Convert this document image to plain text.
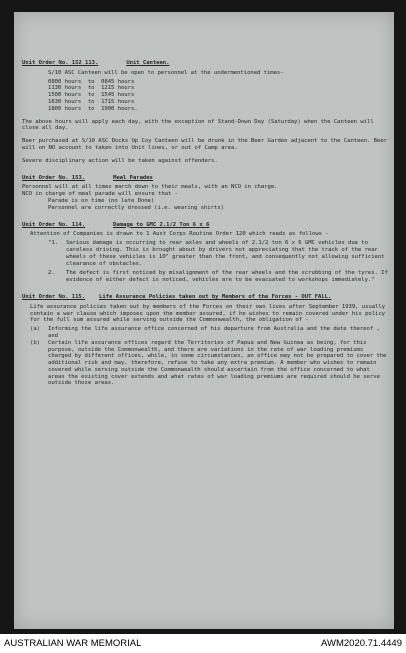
Unit Order No. 152 113.	Unit Canteen.

S/10 ASC Canteen will be open to personnel at the undermentioned times-

0800 hours  to  0845 hours
1130 hours  to  1215 hours
1500 hours  to  1545 hours
1630 hours  to  1715 hours
1800 hours  to  1900 hours.

The above hours will apply each day, with the exception of Stand-Down Day (Saturday) when the Canteen will close all day.

Beer purchased at S/10 ASC Docks Op Coy Canteen will be drunk in the Beer Garden adjacent to the Canteen. Beer will on NO account to taken into Unit lines, or out of Camp area.

Severe disciplinary action will be taken against offenders.

Unit Order No. 153.	Meal Parades

Personnel will at all times march down to their meals, with an NCO in charge.

NCO in charge of meal parade will ensure that -

Parade is on time (no late Done)

Personnel are correctly dressed (i.e. wearing shirts)

Unit Order No. 114.	Damage to GMC 2.1/2 Ton 6 x 6

Attention of Companies is drawn to 1 Aust Corps Routine Order 120 which reads as follows -

"1.	Serious damage is occurring to rear axles and wheels of 2.1/2 ton 6 x 6 GMC vehicles due to careless driving. This is brought about by drivers not appreciating that the track of the rear wheels of these vehicles is 10" greater than the front, and consequently not allowing sufficient clearance of obstacles.
2.	The defect is first noticed by misalignment of the rear wheels and the scrubbing of the tyres. If evidence of either defect is noticed, vehicles are to be evacuated to workshops immediately."
Unit Order No. 115.	Life Assurance Policies taken out by Members of the Forces - OUT FALL.

Life assurance policies taken out by members of the Forces on their own lives after September 1939, usually contain a war clause which imposes upon the member assured, if he wishes to remain covered under his policy for the full sum assured while serving outside the Commonwealth, the obligation of -

(a)	Informing the life assurance office concerned of his departure from Australia and the date thereof , and
(b)	Certain life assurance offices regard the Territories of Papua and New Guinea as being, for this purpose, outside the Commonwealth, and there are variations in the rate of war loading premiums charged by different offices, while, in some circumstances, an office may not be prepared to cover the additional risk and may, therefore, refuse to take any extra premium. A member who wishes to remain covered while serving outside the Commonwealth should ascertain from the office concerned to what areas the existing cover extends and what rates of war loading premiums are required should he serve outside those areas.
AUSTRALIAN WAR MEMORIAL	AWM2020.71.4449
